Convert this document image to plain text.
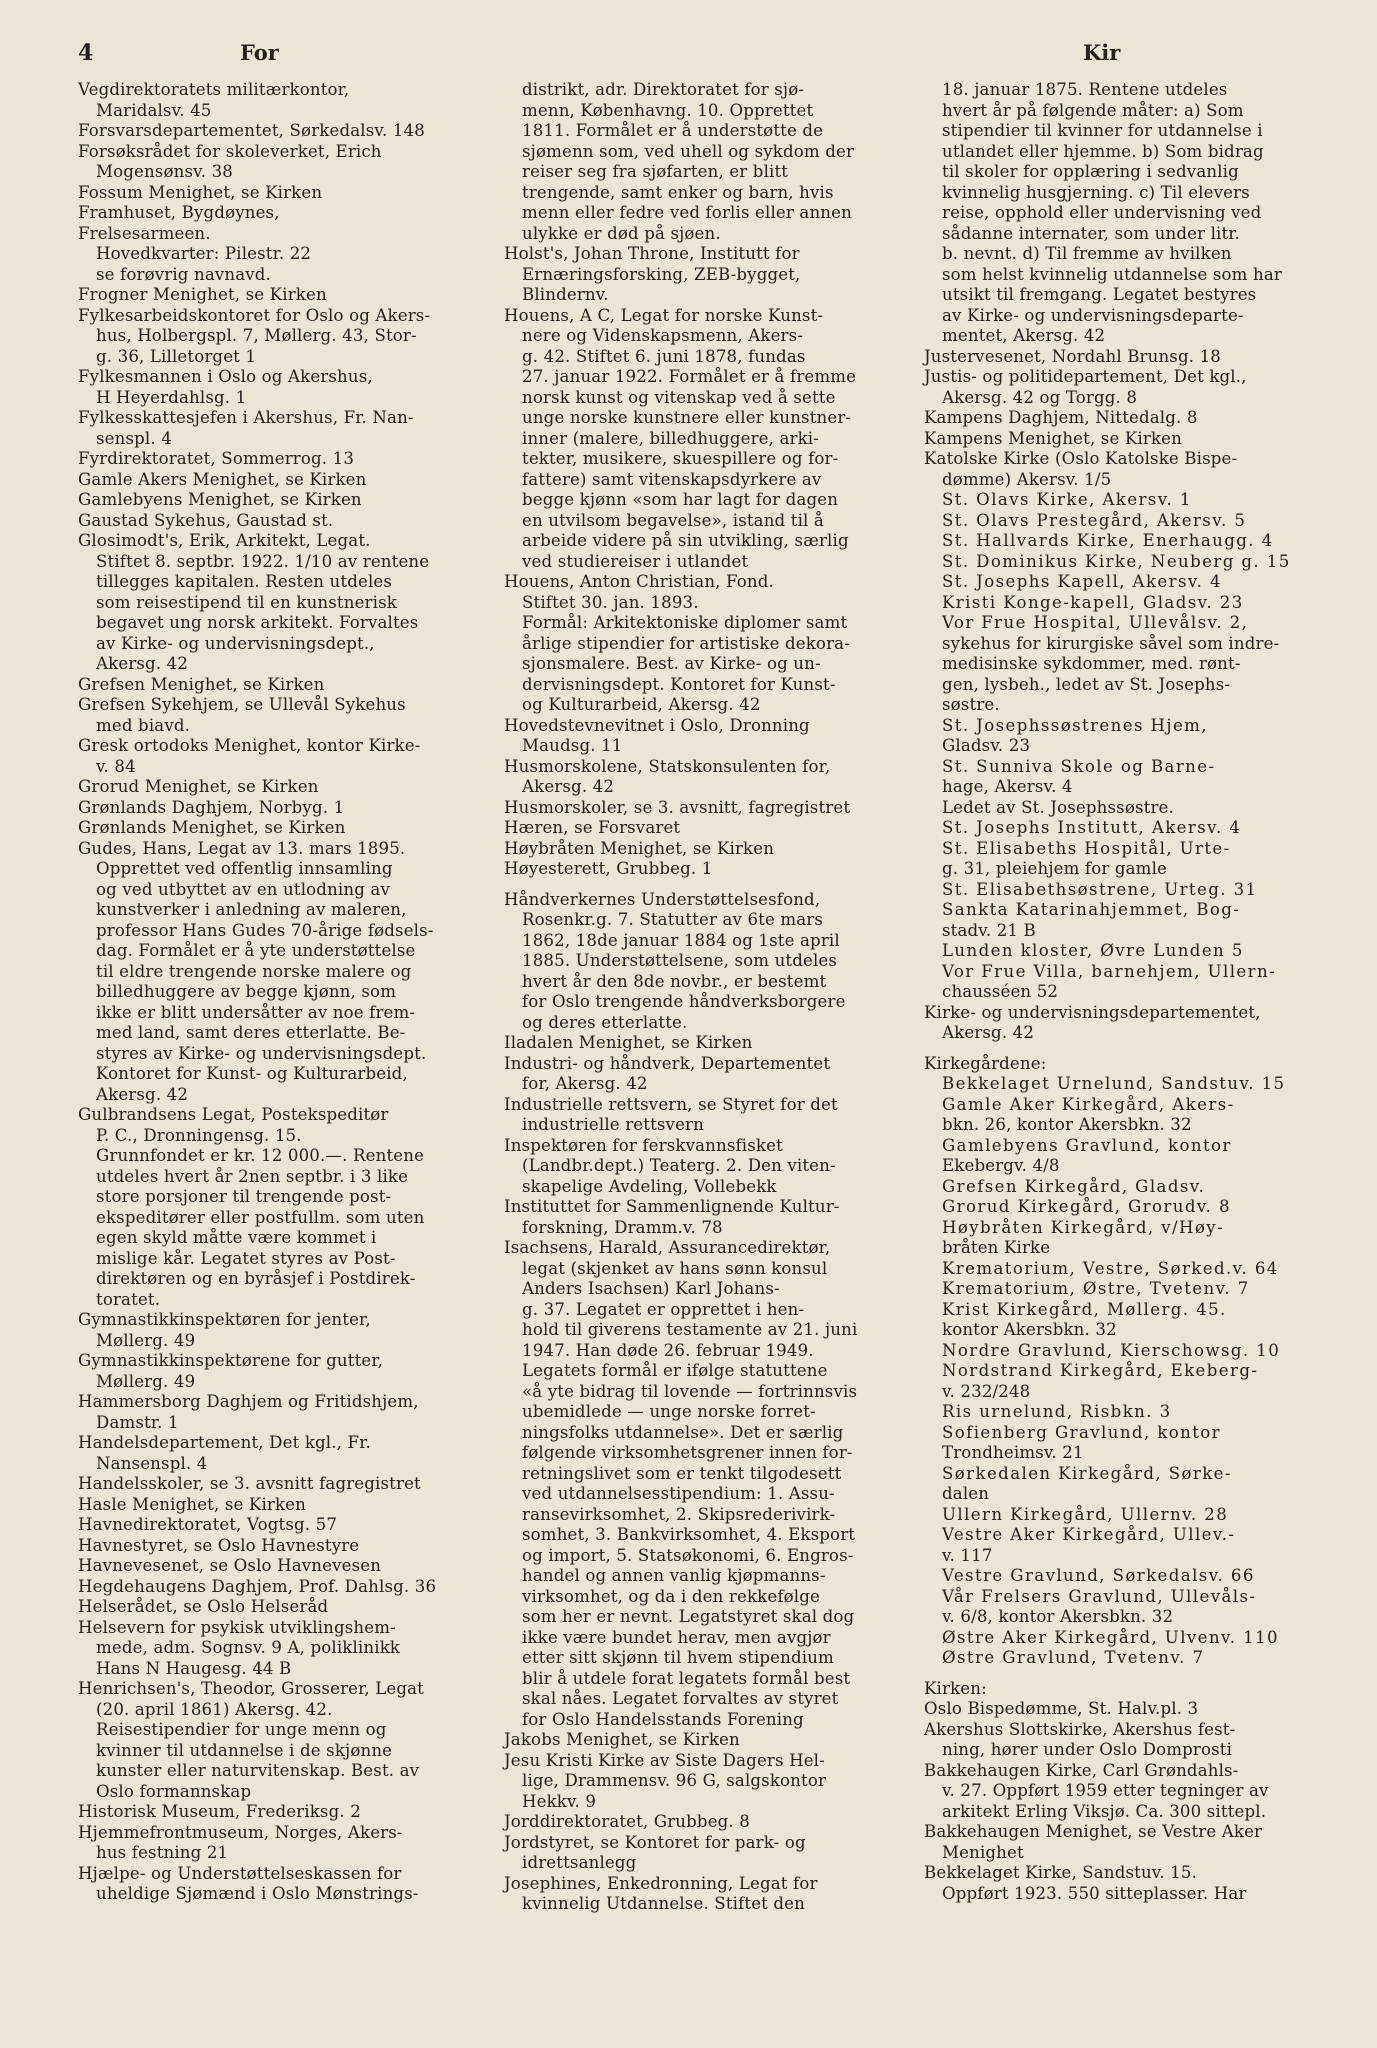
4	For	Kir
Vegdirektoratets militærkontor,
Maridalsv. 45
Forsvarsdepartementet, Sørkedalsv. 148
Forsøksrådet for skoleverket, Erich
Mogensønsv. 38
Fossum Menighet, se Kirken
Framhuset, Bygdøynes,
Frelsesarmeen.
Hovedkvarter: Pilestr. 22
se forøvrig navnavd.
Frogner Menighet, se Kirken
Fylkesarbeidskontoret for Oslo og Akers-
hus, Holbergspl. 7, Møllerg. 43, Stor-
g. 36, Lilletorget 1
Fylkesmannen i Oslo og Akershus,
H Heyerdahlsg. 1
Fylkesskattesjefen i Akershus, Fr. Nan-
senspl. 4
Fyrdirektoratet, Sommerrog. 13
Gamle Akers Menighet, se Kirken
Gamlebyens Menighet, se Kirken
Gaustad Sykehus, Gaustad st.
Glosimodt's, Erik, Arkitekt, Legat.
Stiftet 8. septbr. 1922. 1/10 av rentene
tillegges kapitalen. Resten utdeles
som reisestipend til en kunstnerisk
begavet ung norsk arkitekt. Forvaltes
av Kirke- og undervisningsdept.,
Akersg. 42
Grefsen Menighet, se Kirken
Grefsen Sykehjem, se Ullevål Sykehus
med biavd.
Gresk ortodoks Menighet, kontor Kirke-
v. 84
Grorud Menighet, se Kirken
Grønlands Daghjem, Norbyg. 1
Grønlands Menighet, se Kirken
Gudes, Hans, Legat av 13. mars 1895.
Opprettet ved offentlig innsamling
og ved utbyttet av en utlodning av
kunstverker i anledning av maleren,
professor Hans Gudes 70-årige fødsels-
dag. Formålet er å yte understøttelse
til eldre trengende norske malere og
billedhuggere av begge kjønn, som
ikke er blitt undersåtter av noe frem-
med land, samt deres etterlatte. Be-
styres av Kirke- og undervisningsdept.
Kontoret for Kunst- og Kulturarbeid,
Akersg. 42
Gulbrandsens Legat, Postekspeditør
P. C., Dronningensg. 15.
Grunnfondet er kr. 12 000.—. Rentene
utdeles hvert år 2nen septbr. i 3 like
store porsjoner til trengende post-
ekspeditører eller postfullm. som uten
egen skyld måtte være kommet i
mislige kår. Legatet styres av Post-
direktøren og en byråsjef i Postdirek-
toratet.
Gymnastikkinspektøren for jenter,
Møllerg. 49
Gymnastikkinspektørene for gutter,
Møllerg. 49
Hammersborg Daghjem og Fritidshjem,
Damstr. 1
Handelsdepartement, Det kgl., Fr.
Nansenspl. 4
Handelsskoler, se 3. avsnitt fagregistret
Hasle Menighet, se Kirken
Havnedirektoratet, Vogtsg. 57
Havnestyret, se Oslo Havnestyre
Havnevesenet, se Oslo Havnevesen
Hegdehaugens Daghjem, Prof. Dahlsg. 36
Helserådet, se Oslo Helseråd
Helsevern for psykisk utviklingshem-
mede, adm. Sognsv. 9 A, poliklinikk
Hans N Haugesg. 44 B
Henrichsen's, Theodor, Grosserer, Legat
(20. april 1861) Akersg. 42.
Reisestipendier for unge menn og
kvinner til utdannelse i de skjønne
kunster eller naturvitenskap. Best. av
Oslo formannskap
Historisk Museum, Frederiksg. 2
Hjemmefrontmuseum, Norges, Akers-
hus festning 21
Hjælpe- og Understøttelseskassen for
uheldige Sjømænd i Oslo Mønstrings-
distrikt, adr. Direktoratet for sjø-
menn, Københavng. 10. Opprettet
1811. Formålet er å understøtte de
sjømenn som, ved uhell og sykdom der
reiser seg fra sjøfarten, er blitt
trengende, samt enker og barn, hvis
menn eller fedre ved forlis eller annen
ulykke er død på sjøen.
Holst's, Johan Throne, Institutt for
Ernæringsforsking, ZEB-bygget,
Blindernv.
Houens, A C, Legat for norske Kunst-
nere og Videnskapsmenn, Akers-
g. 42. Stiftet 6. juni 1878, fundas
27. januar 1922. Formålet er å fremme
norsk kunst og vitenskap ved å sette
unge norske kunstnere eller kunstner-
inner (malere, billedhuggere, arki-
tekter, musikere, skuespillere og for-
fattere) samt vitenskapsdyrkere av
begge kjønn «som har lagt for dagen
en utvilsom begavelse», istand til å
arbeide videre på sin utvikling, særlig
ved studiereiser i utlandet
Houens, Anton Christian, Fond.
Stiftet 30. jan. 1893.
Formål: Arkitektoniske diplomer samt
årlige stipendier for artistiske dekora-
sjonsmalere. Best. av Kirke- og un-
dervisningsdept. Kontoret for Kunst-
og Kulturarbeid, Akersg. 42
Hovedstevnevitnet i Oslo, Dronning
Maudsg. 11
Husmorskolene, Statskonsulenten for,
Akersg. 42
Husmorskoler, se 3. avsnitt, fagregistret
Hæren, se Forsvaret
Høybråten Menighet, se Kirken
Høyesterett, Grubbeg. 1
Håndverkernes Understøttelsesfond,
Rosenkr.g. 7. Statutter av 6te mars
1862, 18de januar 1884 og 1ste april
1885. Understøttelsene, som utdeles
hvert år den 8de novbr., er bestemt
for Oslo trengende håndverksborgere
og deres etterlatte.
Iladalen Menighet, se Kirken
Industri- og håndverk, Departementet
for, Akersg. 42
Industrielle rettsvern, se Styret for det
industrielle rettsvern
Inspektøren for ferskvannsfisket
(Landbr.dept.) Teaterg. 2. Den viten-
skapelige Avdeling, Vollebekk
Instituttet for Sammenlignende Kultur-
forskning, Dramm.v. 78
Isachsens, Harald, Assurancedirektør,
legat (skjenket av hans sønn konsul
Anders Isachsen) Karl Johans-
g. 37. Legatet er opprettet i hen-
hold til giverens testamente av 21. juni
1947. Han døde 26. februar 1949.
Legatets formål er ifølge statuttene
«å yte bidrag til lovende — fortrinnsvis
ubemidlede — unge norske forret-
ningsfolks utdannelse». Det er særlig
følgende virksomhetsgrener innen for-
retningslivet som er tenkt tilgodesett
ved utdannelsesstipendium: 1. Assu-
ransevirksomhet, 2. Skipsrederivirk-
somhet, 3. Bankvirksomhet, 4. Eksport
og import, 5. Statsøkonomi, 6. Engros-
handel og annen vanlig kjøpmanns-
virksomhet, og da i den rekkefølge
som her er nevnt. Legatstyret skal dog
ikke være bundet herav, men avgjør
etter sitt skjønn til hvem stipendium
blir å utdele forat legatets formål best
skal nåes. Legatet forvaltes av styret
for Oslo Handelsstands Forening
Jakobs Menighet, se Kirken
Jesu Kristi Kirke av Siste Dagers Hel-
lige, Drammensv. 96 G, salgskontor
Hekkv. 9
Jorddirektoratet, Grubbeg. 8
Jordstyret, se Kontoret for park- og
idrettsanlegg
Josephines, Enkedronning, Legat for
kvinnelig Utdannelse. Stiftet den
18. januar 1875. Rentene utdeles
hvert år på følgende måter: a) Som
stipendier til kvinner for utdannelse i
utlandet eller hjemme. b) Som bidrag
til skoler for opplæring i sedvanlig
kvinnelig husgjerning. c) Til elevers
reise, opphold eller undervisning ved
sådanne internater, som under litr.
b. nevnt. d) Til fremme av hvilken
som helst kvinnelig utdannelse som har
utsikt til fremgang. Legatet bestyres
av Kirke- og undervisningsdeparte-
mentet, Akersg. 42
Justervesenet, Nordahl Brunsg. 18
Justis- og politidepartement, Det kgl.,
Akersg. 42 og Torgg. 8
Kampens Daghjem, Nittedalg. 8
Kampens Menighet, se Kirken
Katolske Kirke (Oslo Katolske Bispe-
dømme) Akersv. 1/5
St. Olavs Kirke, Akersv. 1
St. Olavs Prestegård, Akersv. 5
St. Hallvards Kirke, Enerhaugg. 4
St. Dominikus Kirke, Neuberg g. 15
St. Josephs Kapell, Akersv. 4
Kristi Konge-kapell, Gladsv. 23
Vor Frue Hospital, Ullevålsv. 2,
sykehus for kirurgiske såvel som indre-
medisinske sykdommer, med. rønt-
gen, lysbeh., ledet av St. Josephs-
søstre.
St. Josephssøstrenes Hjem,
Gladsv. 23
St. Sunniva Skole og Barne-
hage, Akersv. 4
Ledet av St. Josephssøstre.
St. Josephs Institutt, Akersv. 4
St. Elisabeths Hospitål, Urte-
g. 31, pleiehjem for gamle
St. Elisabethsøstrene, Urteg. 31
Sankta Katarinahjemmet, Bog-
stadv. 21 B
Lunden kloster, Øvre Lunden 5
Vor Frue Villa, barnehjem, Ullern-
chausséen 52
Kirke- og undervisningsdepartementet,
Akersg. 42
Kirkegårdene:
Bekkelaget Urnelund, Sandstuv. 15
Gamle Aker Kirkegård, Akers-
bkn. 26, kontor Akersbkn. 32
Gamlebyens Gravlund, kontor
Ekebergv. 4/8
Grefsen Kirkegård, Gladsv.
Grorud Kirkegård, Grorudv. 8
Høybråten Kirkegård, v/Høy-
bråten Kirke
Krematorium, Vestre, Sørked.v. 64
Krematorium, Østre, Tvetenv. 7
Krist Kirkegård, Møllerg. 45.
kontor Akersbkn. 32
Nordre Gravlund, Kierschowsg. 10
Nordstrand Kirkegård, Ekeberg-
v. 232/248
Ris urnelund, Risbkn. 3
Sofienberg Gravlund, kontor
Trondheimsv. 21
Sørkedalen Kirkegård, Sørke-
dalen
Ullern Kirkegård, Ullernv. 28
Vestre Aker Kirkegård, Ullev.-
v. 117
Vestre Gravlund, Sørkedalsv. 66
Vår Frelsers Gravlund, Ullevåls-
v. 6/8, kontor Akersbkn. 32
Østre Aker Kirkegård, Ulvenv. 110
Østre Gravlund, Tvetenv. 7
Kirken:
Oslo Bispedømme, St. Halv.pl. 3
Akershus Slottskirke, Akershus fest-
ning, hører under Oslo Domprosti
Bakkehaugen Kirke, Carl Grøndahls-
v. 27. Oppført 1959 etter tegninger av
arkitekt Erling Viksjø. Ca. 300 sittepl.
Bakkehaugen Menighet, se Vestre Aker
Menighet
Bekkelaget Kirke, Sandstuv. 15.
Oppført 1923. 550 sitteplasser. Har
